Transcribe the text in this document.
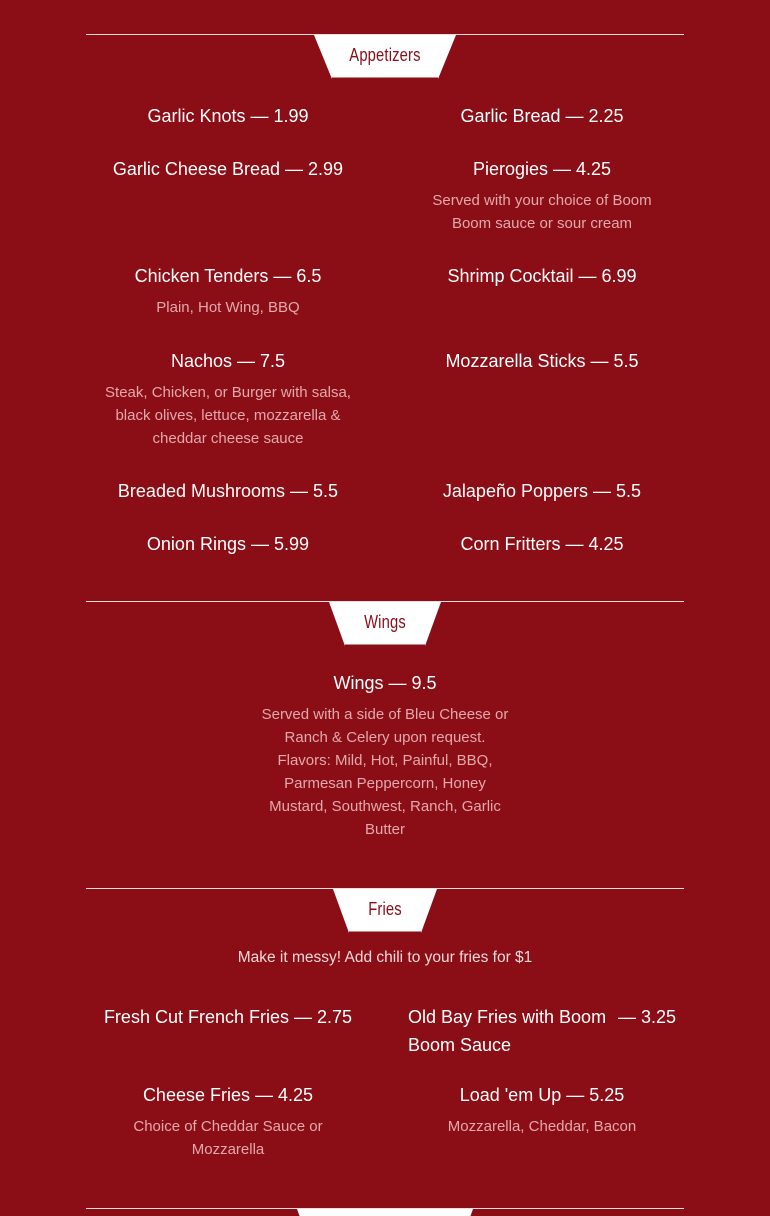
Appetizers
Garlic Knots — 1.99	Garlic Bread — 2.25
Garlic Cheese Bread — 2.99	Pierogies — 4.25
Served with your choice of Boom Boom sauce or sour cream
Chicken Tenders — 6.5
Plain, Hot Wing, BBQ
Shrimp Cocktail — 6.99
Nachos — 7.5
Steak, Chicken, or Burger with salsa, black olives, lettuce, mozzarella & cheddar cheese sauce
Mozzarella Sticks — 5.5
Breaded Mushrooms — 5.5	Jalapeño Poppers — 5.5
Onion Rings — 5.99	Corn Fritters — 4.25
Wings
Wings — 9.5
Served with a side of Bleu Cheese or Ranch & Celery upon request. Flavors: Mild, Hot, Painful, BBQ, Parmesan Peppercorn, Honey Mustard, Southwest, Ranch, Garlic Butter
Fries
Make it messy! Add chili to your fries for $1
Fresh Cut French Fries — 2.75	Old Bay Fries with Boom Boom Sauce
— 3.25
Cheese Fries — 4.25
Choice of Cheddar Sauce or Mozzarella
Load 'em Up — 5.25
Mozzarella, Cheddar, Bacon
